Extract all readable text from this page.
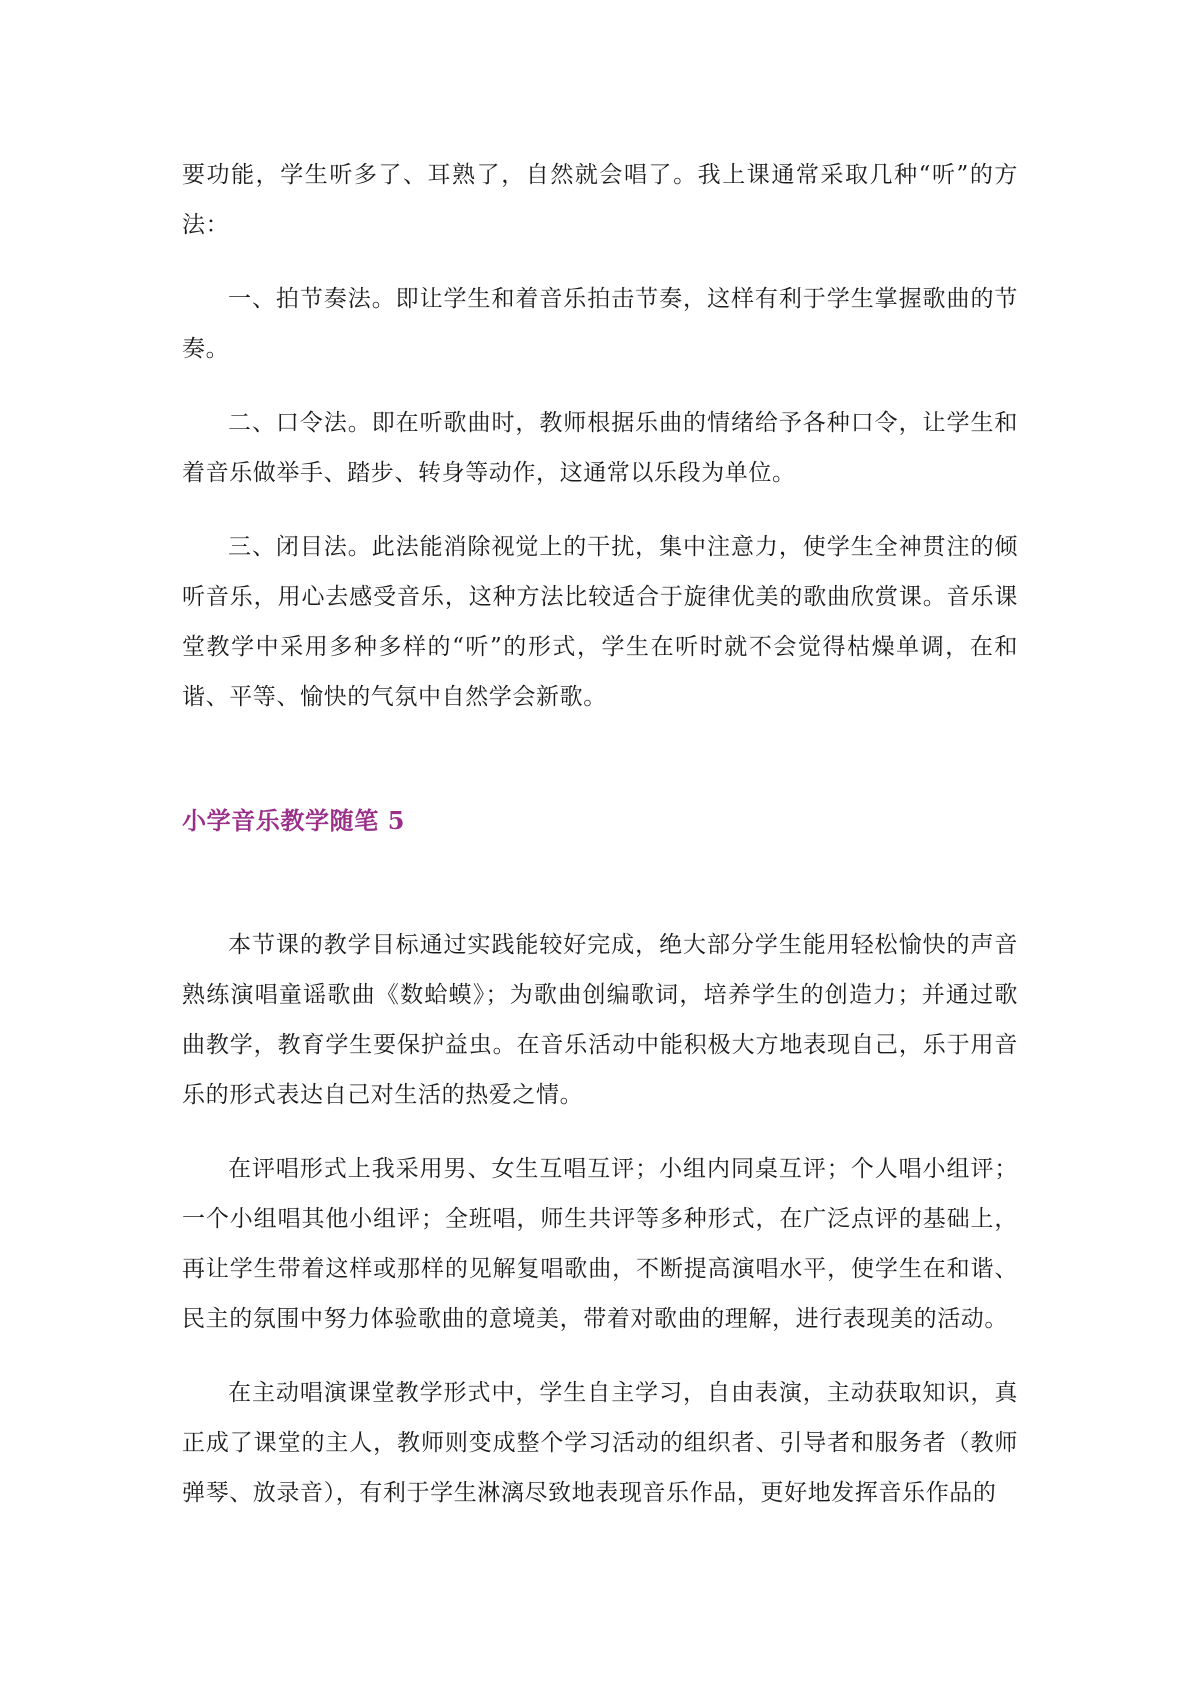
要功能，学生听多了、耳熟了，自然就会唱了。我上课通常采取几种“听”的方法：

一、拍节奏法。即让学生和着音乐拍击节奏，这样有利于学生掌握歌曲的节奏。

二、口令法。即在听歌曲时，教师根据乐曲的情绪给予各种口令，让学生和着音乐做举手、踏步、转身等动作，这通常以乐段为单位。

三、闭目法。此法能消除视觉上的干扰，集中注意力，使学生全神贯注的倾听音乐，用心去感受音乐，这种方法比较适合于旋律优美的歌曲欣赏课。音乐课堂教学中采用多种多样的“听”的形式，学生在听时就不会觉得枯燥单调，在和谐、平等、愉快的气氛中自然学会新歌。

小学音乐教学随笔 5

本节课的教学目标通过实践能较好完成，绝大部分学生能用轻松愉快的声音熟练演唱童谣歌曲《数蛤蟆》；为歌曲创编歌词，培养学生的创造力；并通过歌曲教学，教育学生要保护益虫。在音乐活动中能积极大方地表现自己，乐于用音乐的形式表达自己对生活的热爱之情。

在评唱形式上我采用男、女生互唱互评；小组内同桌互评；个人唱小组评；一个小组唱其他小组评；全班唱，师生共评等多种形式，在广泛点评的基础上，再让学生带着这样或那样的见解复唱歌曲，不断提高演唱水平，使学生在和谐、民主的氛围中努力体验歌曲的意境美，带着对歌曲的理解，进行表现美的活动。

在主动唱演课堂教学形式中，学生自主学习，自由表演，主动获取知识，真正成了课堂的主人，教师则变成整个学习活动的组织者、引导者和服务者（教师弹琴、放录音），有利于学生淋漓尽致地表现音乐作品，更好地发挥音乐作品的
